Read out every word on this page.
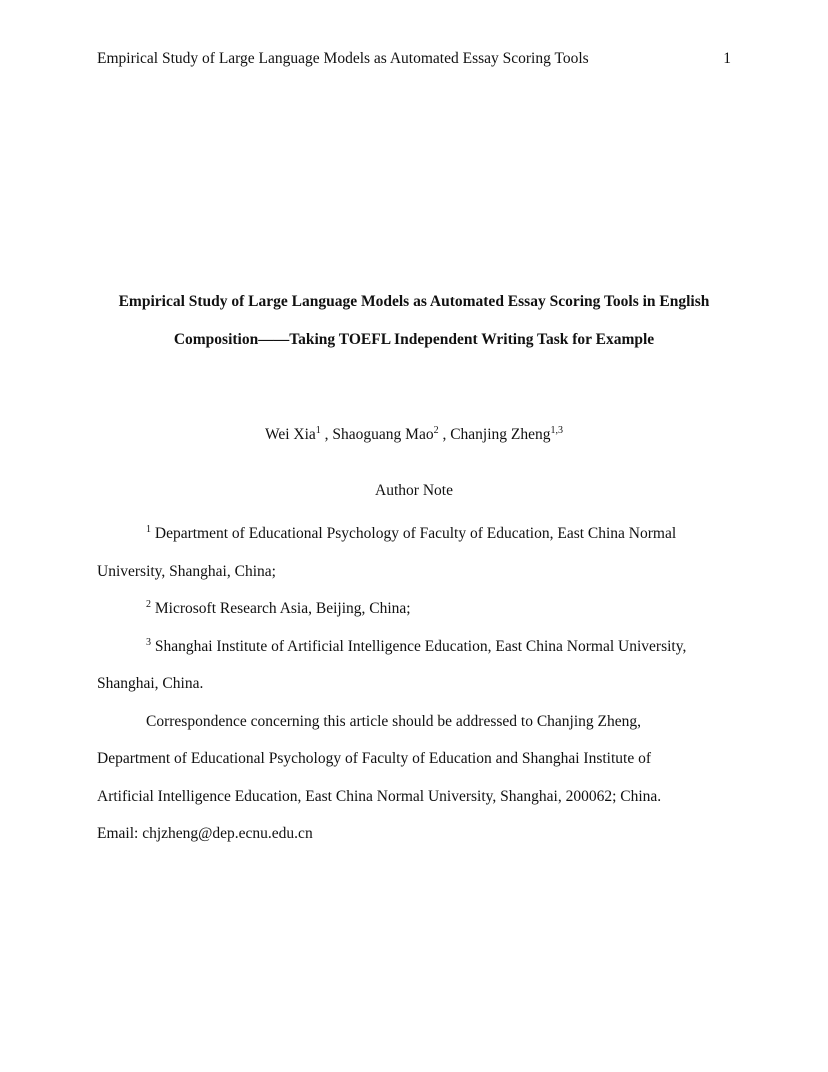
Empirical Study of Large Language Models as Automated Essay Scoring Tools	1
Empirical Study of Large Language Models as Automated Essay Scoring Tools in English
Composition——Taking TOEFL Independent Writing Task for Example
Wei Xia$^1$ , Shaoguang Mao$^2$ , Chanjing Zheng$^{1,3}$
Author Note

$^1$ Department of Educational Psychology of Faculty of Education, East China Normal

University, Shanghai, China;

$^2$ Microsoft Research Asia, Beijing, China;

$^3$ Shanghai Institute of Artificial Intelligence Education, East China Normal University,

Shanghai, China.

Correspondence concerning this article should be addressed to Chanjing Zheng,

Department of Educational Psychology of Faculty of Education and Shanghai Institute of

Artificial Intelligence Education, East China Normal University, Shanghai, 200062; China.

Email: chjzheng@dep.ecnu.edu.cn
